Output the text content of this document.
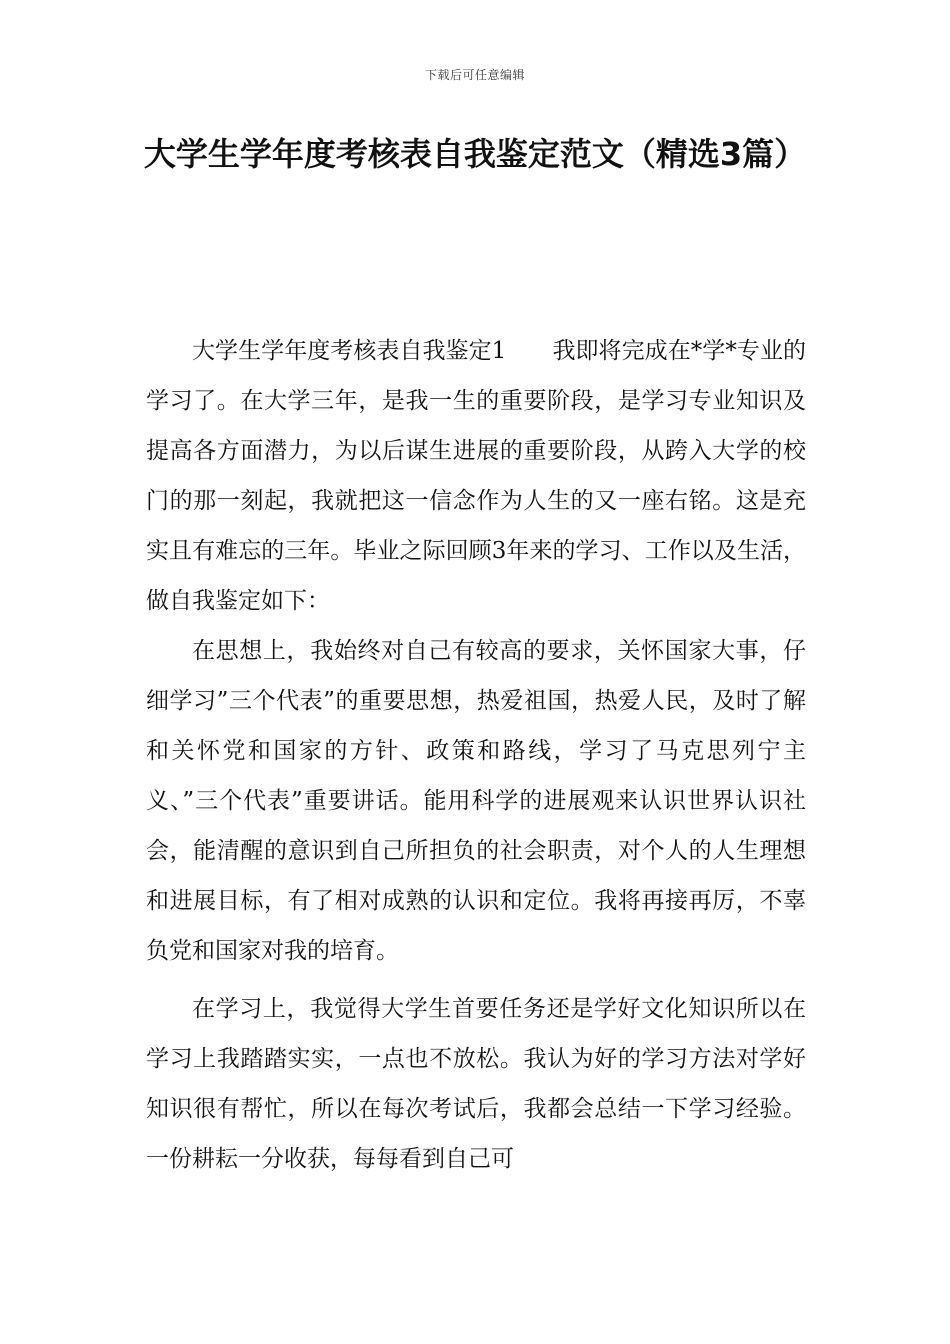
下载后可任意编辑
大学生学年度考核表自我鉴定范文（精选3篇）

大学生学年度考核表自我鉴定1　　我即将完成在*学*专业的学习了。在大学三年，是我一生的重要阶段，是学习专业知识及提高各方面潜力，为以后谋生进展的重要阶段，从跨入大学的校门的那一刻起，我就把这一信念作为人生的又一座右铭。这是充实且有难忘的三年。毕业之际回顾3年来的学习、工作以及生活，做自我鉴定如下：

在思想上，我始终对自己有较高的要求，关怀国家大事，仔细学习”三个代表”的重要思想，热爱祖国，热爱人民，及时了解和关怀党和国家的方针、政策和路线，学习了马克思列宁主义、”三个代表”重要讲话。能用科学的进展观来认识世界认识社会，能清醒的意识到自己所担负的社会职责，对个人的人生理想和进展目标，有了相对成熟的认识和定位。我将再接再厉，不辜负党和国家对我的培育。

在学习上，我觉得大学生首要任务还是学好文化知识所以在学习上我踏踏实实，一点也不放松。我认为好的学习方法对学好知识很有帮忙，所以在每次考试后，我都会总结一下学习经验。一份耕耘一分收获，每每看到自己可
